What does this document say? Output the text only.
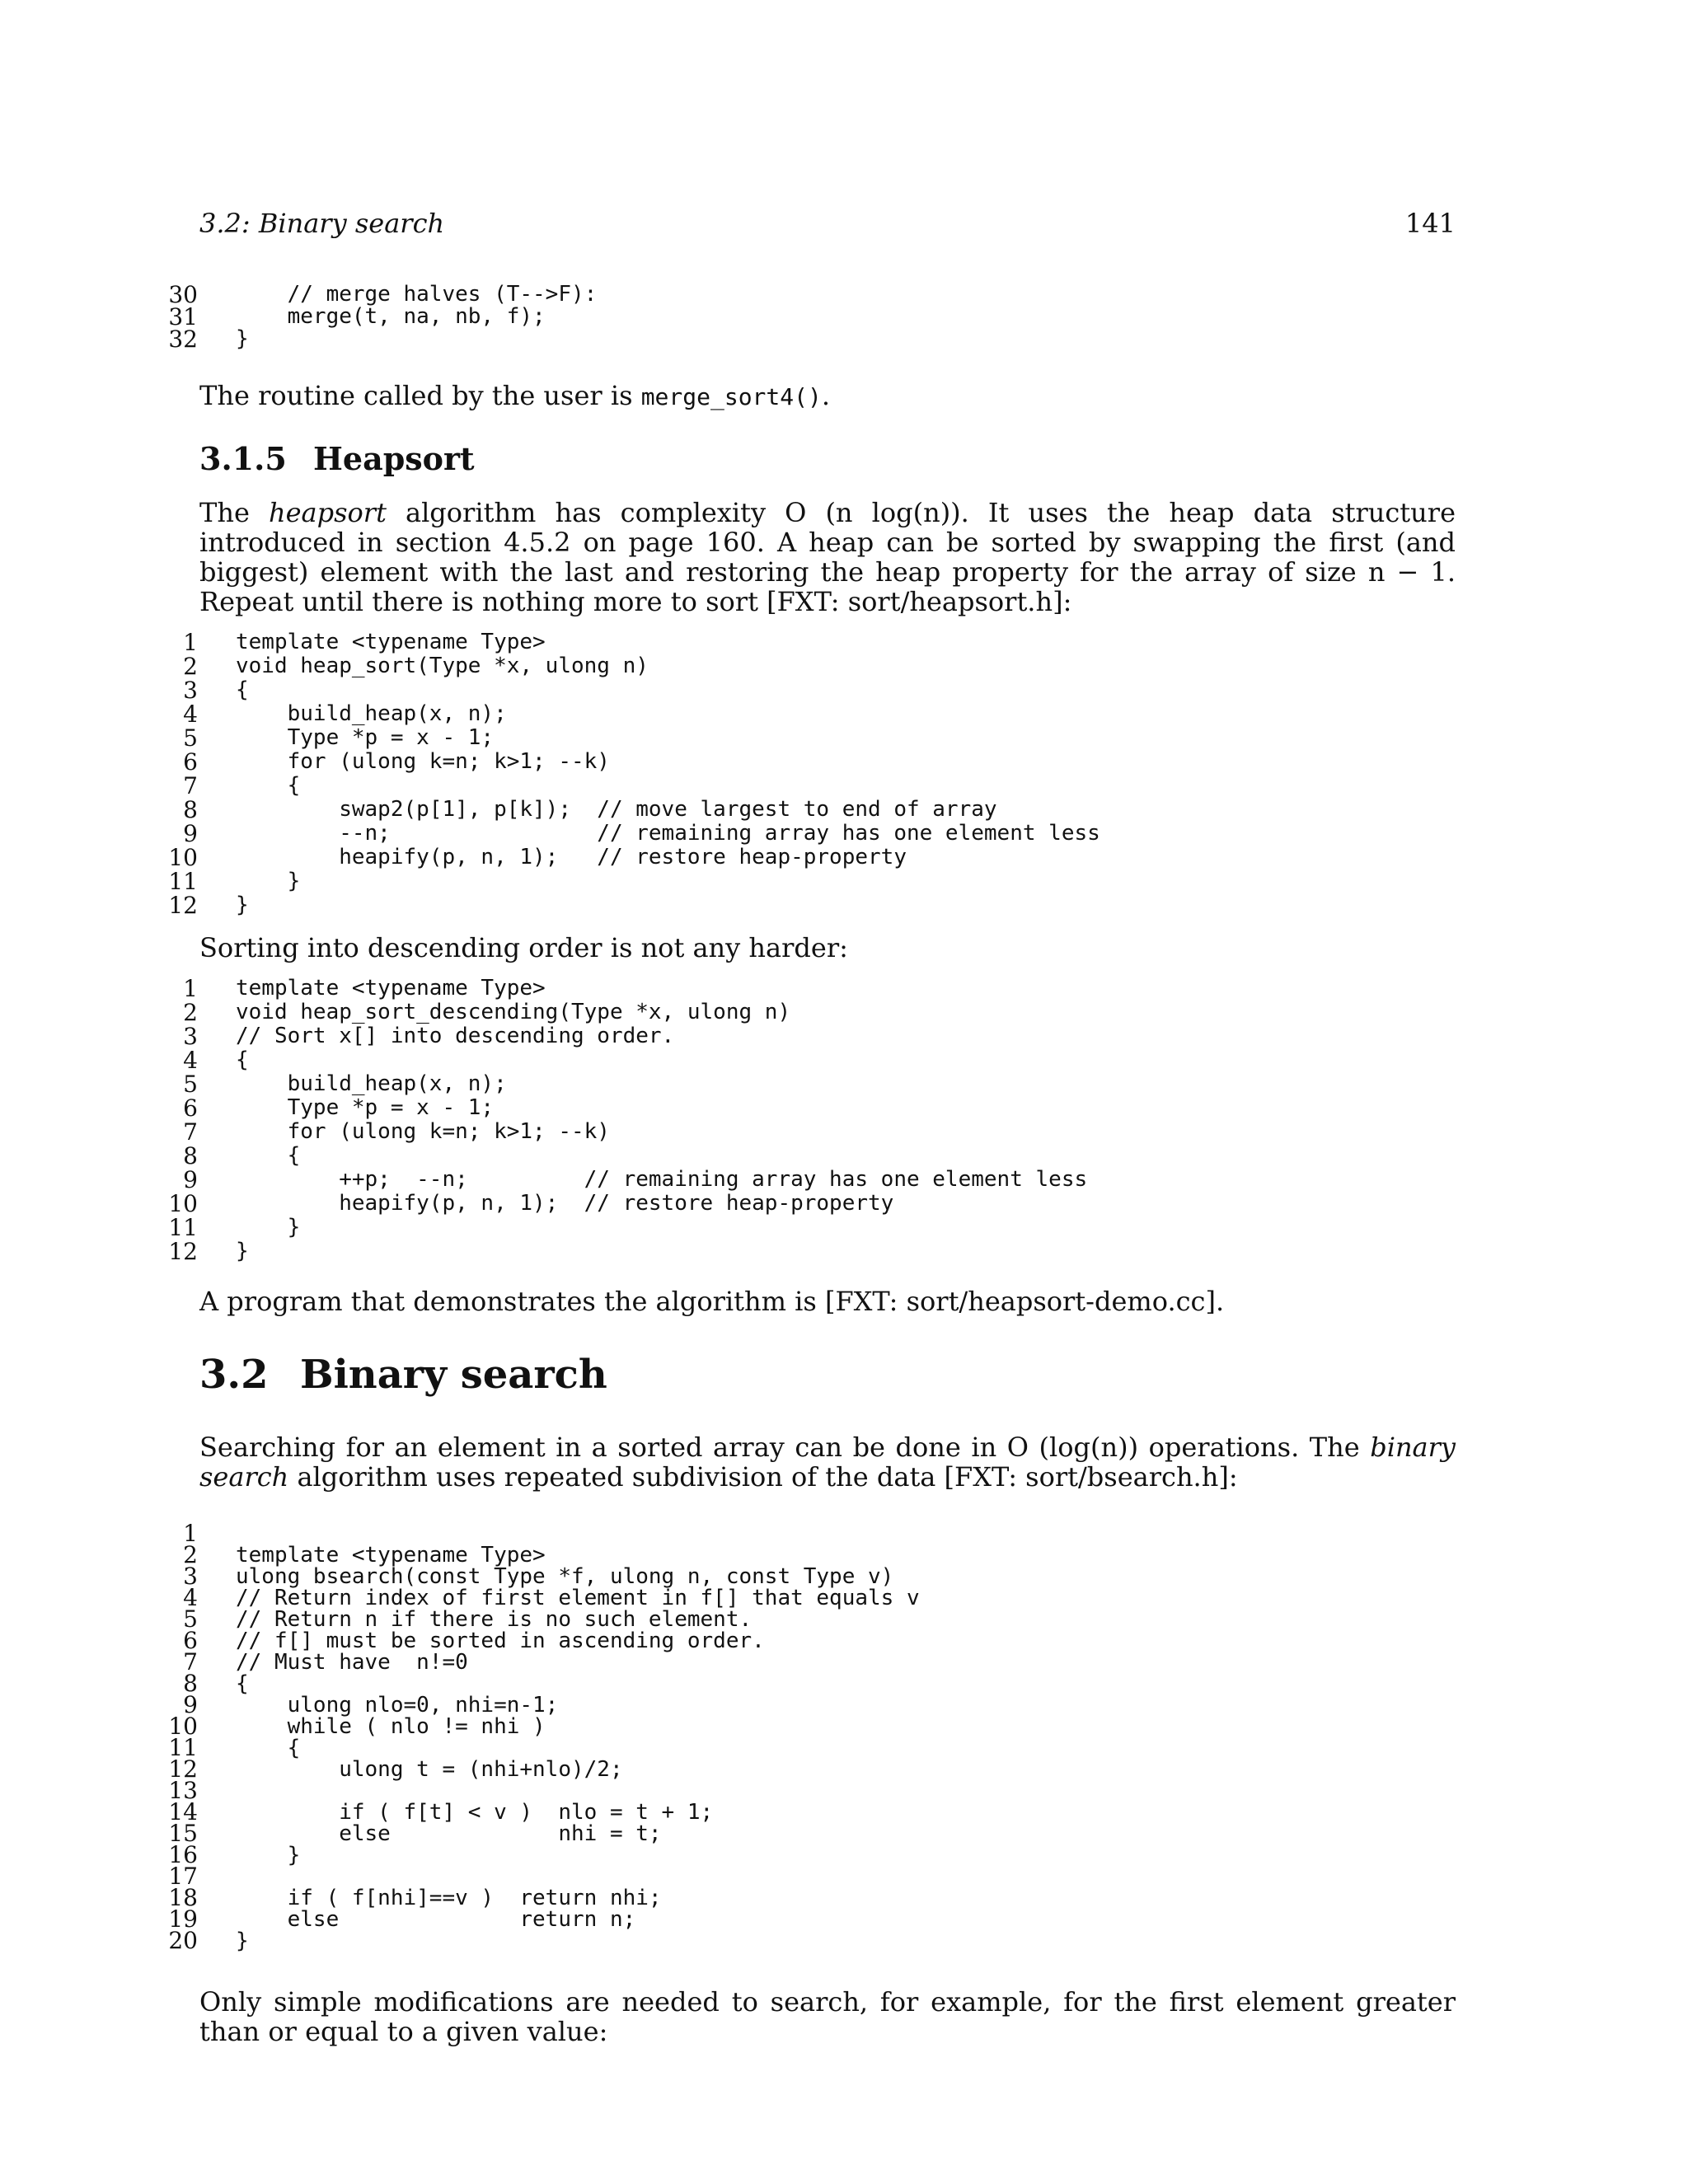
3.2: Binary search	141
30 // merge halves (T-->F):
31 merge(t, na, nb, f);
32 }
The routine called by the user is merge_sort4().
3.1.5 Heapsort
The heapsort algorithm has complexity O (n log(n)). It uses the heap data structure introduced in section 4.5.2 on page 160. A heap can be sorted by swapping the first (and biggest) element with the last and restoring the heap property for the array of size n − 1. Repeat until there is nothing more to sort [FXT: sort/heapsort.h]:
1 template <typename Type>
2 void heap_sort(Type *x, ulong n)
3 {
4 build_heap(x, n);
5 Type *p = x - 1;
6 for (ulong k=n; k>1; --k)
7 {
8 swap2(p[1], p[k]);  // move largest to end of array
9 --n;                // remaining array has one element less
10 heapify(p, n, 1);   // restore heap-property
11 }
12 }
Sorting into descending order is not any harder:
1 template <typename Type>
2 void heap_sort_descending(Type *x, ulong n)
3 // Sort x[] into descending order.
4 {
5 build_heap(x, n);
6 Type *p = x - 1;
7 for (ulong k=n; k>1; --k)
8 {
9 ++p;  --n;         // remaining array has one element less
10 heapify(p, n, 1);  // restore heap-property
11 }
12 }
A program that demonstrates the algorithm is [FXT: sort/heapsort-demo.cc].
3.2 Binary search
Searching for an element in a sorted array can be done in O (log(n)) operations. The binary search algorithm uses repeated subdivision of the data [FXT: sort/bsearch.h]:
1
2 template <typename Type>
3 ulong bsearch(const Type *f, ulong n, const Type v)
4 // Return index of first element in f[] that equals v
5 // Return n if there is no such element.
6 // f[] must be sorted in ascending order.
7 // Must have  n!=0
8 {
9 ulong nlo=0, nhi=n-1;
10 while ( nlo != nhi )
11 {
12 ulong t = (nhi+nlo)/2;
13
14 if ( f[t] < v )  nlo = t + 1;
15 else             nhi = t;
16 }
17
18 if ( f[nhi]==v )  return nhi;
19 else              return n;
20 }
Only simple modifications are needed to search, for example, for the first element greater than or equal to a given value:
